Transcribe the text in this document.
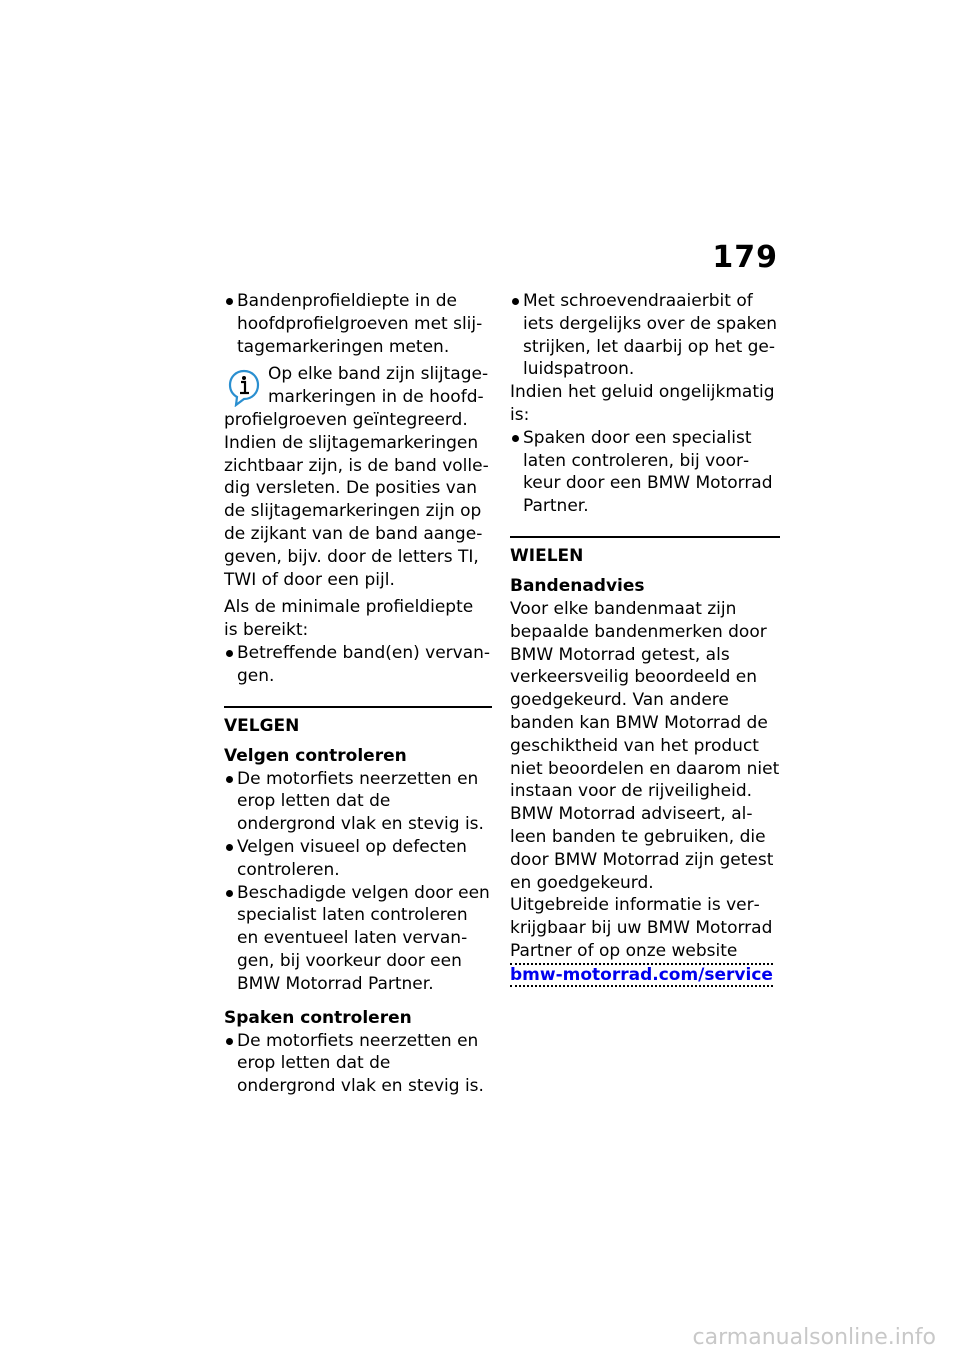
179
Bandenprofieldiepte in de hoofdprofielgroeven met slijtagemarkeringen meten.
Op elke band zijn slijtagemarkeringen in de hoofdprofielgroeven geïntegreerd. Indien de slijtagemarkeringen zichtbaar zijn, is de band volledig versleten. De posities van de slijtagemarkeringen zijn op de zijkant van de band aangegeven, bijv. door de letters TI, TWI of door een pijl.
Als de minimale profieldiepte is bereikt:
Betreffende band(en) vervangen.
VELGEN
Velgen controleren
De motorfiets neerzetten en erop letten dat de ondergrond vlak en stevig is.
Velgen visueel op defecten controleren.
Beschadigde velgen door een specialist laten controleren en eventueel laten vervangen, bij voorkeur door een BMW Motorrad Partner.
Spaken controleren
De motorfiets neerzetten en erop letten dat de ondergrond vlak en stevig is.
Met schroevendraaierbit of iets dergelijks over de spaken strijken, let daarbij op het geluidspatroon.
Indien het geluid ongelijkmatig is:
Spaken door een specialist laten controleren, bij voorkeur door een BMW Motorrad Partner.
WIELEN
Bandenadvies
Voor elke bandenmaat zijn bepaalde bandenmerken door BMW Motorrad getest, als verkeersveilig beoordeeld en goedgekeurd. Van andere banden kan BMW Motorrad de geschiktheid van het product niet beoordelen en daarom niet instaan voor de rijveiligheid. BMW Motorrad adviseert, alleen banden te gebruiken, die door BMW Motorrad zijn getest en goedgekeurd.
Uitgebreide informatie is verkrijgbaar bij uw BMW Motorrad Partner of op onze website
bmw-motorrad.com/service
carmanualsonline.info
